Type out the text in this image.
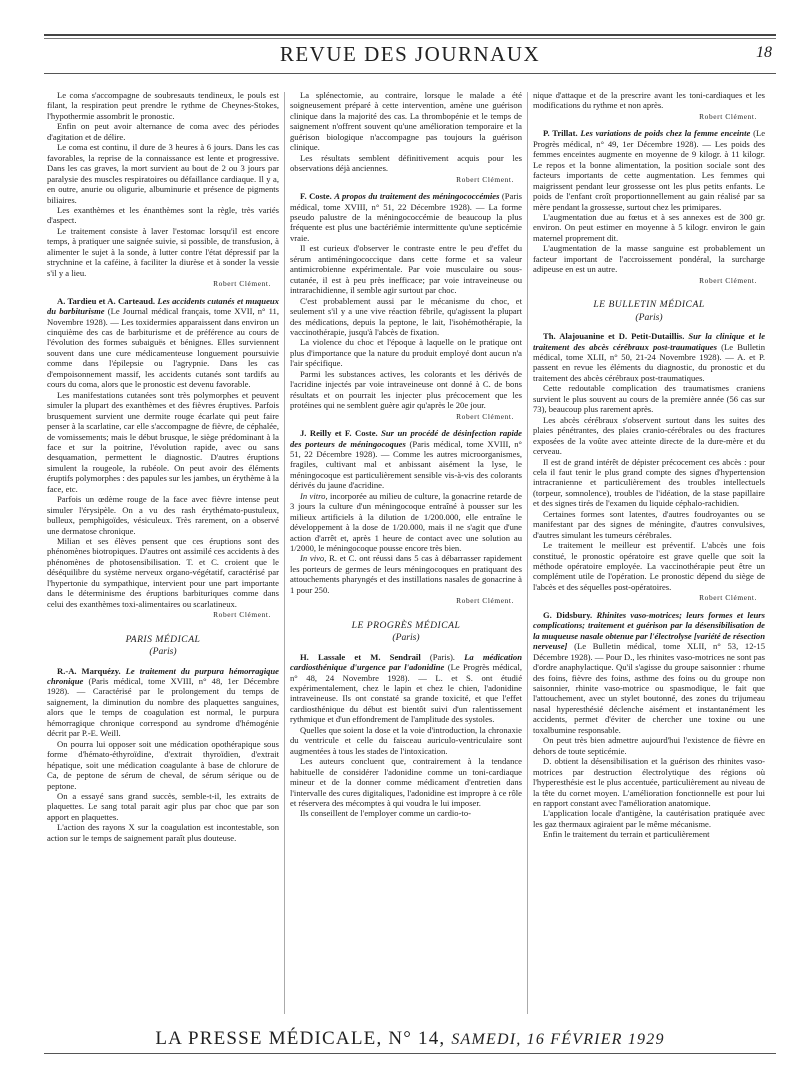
REVUE DES JOURNAUX	18

Le coma s'accompagne de soubresauts tendineux, le pouls est filant, la respiration peut prendre le rythme de Cheynes-Stokes, l'hypothermie assombrit le pronostic.

Enfin on peut avoir alternance de coma avec des périodes d'agitation et de délire.

Le coma est continu, il dure de 3 heures à 6 jours. Dans les cas favorables, la reprise de la connaissance est lente et progressive. Dans les cas graves, la mort survient au bout de 2 ou 3 jours par paralysie des muscles respiratoires ou défaillance cardiaque. Il y a, en outre, anurie ou oligurie, albuminurie et présence de pigments biliaires.

Les exanthèmes et les énanthèmes sont la règle, très variés d'aspect.

Le traitement consiste à laver l'estomac lorsqu'il est encore temps, à pratiquer une saignée suivie, si possible, de transfusion, à alimenter le sujet à la sonde, à lutter contre l'état dépressif par la strychnine et la caféine, à faciliter la diurèse et à sonder la vessie s'il y a lieu.

Robert Clément.

A. Tardieu et A. Carteaud. Les accidents cutanés et muqueux du barbiturisme (Le Journal médical français, tome XVII, n° 11, Novembre 1928). — Les toxidermies apparaissent dans environ un cinquième des cas de barbiturisme et de préférence au cours de l'évolution des formes subaiguës et bénignes. Elles surviennent souvent dans une cure médicamenteuse longuement poursuivie comme dans l'épilepsie ou l'agrypnie. Dans les cas d'empoisonnement massif, les accidents cutanés sont tardifs au cours du coma, alors que le pronostic est devenu favorable.

Les manifestations cutanées sont très polymorphes et peuvent simuler la plupart des exanthèmes et des fièvres éruptives. Parfois brusquement survient une dermite rouge écarlate qui peut faire penser à la scarlatine, car elle s'accompagne de fièvre, de céphalée, de vomissements; mais le début brusque, le siège prédominant à la face et sur la poitrine, l'évolution rapide, avec ou sans desquamation, permettent le diagnostic. D'autres éruptions simulent la rougeole, la rubéole. On peut avoir des éléments éruptifs polymorphes : des papules sur les jambes, un érythème à la face, etc.

Parfois un œdème rouge de la face avec fièvre intense peut simuler l'érysipèle. On a vu des rash érythémato-pustuleux, bulleux, pemphigoïdes, vésiculeux. Très rarement, on a observé une dermatose chronique.

Milian et ses élèves pensent que ces éruptions sont des phénomènes biotropiques. D'autres ont assimilé ces accidents à des phénomènes de photosensibilisation. T. et C. croient que le déséquilibre du système nerveux organo-végétatif, caractérisé par l'hypertonie du sympathique, intervient pour une part importante dans le déterminisme des éruptions barbituriques comme dans celui des exanthèmes toxi-alimentaires ou scarlatineux.

Robert Clément.
PARIS MÉDICAL
(Paris)

R.-A. Marquézy. Le traitement du purpura hémorragique chronique (Paris médical, tome XVIII, n° 48, 1er Décembre 1928). — Caractérisé par le prolongement du temps de saignement, la diminution du nombre des plaquettes sanguines, alors que le temps de coagulation est normal, le purpura hémorragique chronique correspond au syndrome d'hémogénie décrit par P.-E. Weill.

On pourra lui opposer soit une médication opothérapique sous forme d'hémato-éthyroïdine, d'extrait thyroïdien, d'extrait hépatique, soit une médication coagulante à base de chlorure de Ca, de peptone de sérum de cheval, de sérum sérique ou de peptone.

On a essayé sans grand succès, semble-t-il, les extraits de plaquettes. Le sang total parait agir plus par choc que par son apport en plaquettes.

L'action des rayons X sur la coagulation est incontestable, son action sur le temps de saignement paraît plus douteuse.

La splénectomie, au contraire, lorsque le malade a été soigneusement préparé à cette intervention, amène une guérison clinique dans la majorité des cas. La thrombopénie et le temps de saignement n'offrent souvent qu'une amélioration temporaire et la guérison biologique n'accompagne pas toujours la guérison clinique.

Les résultats semblent définitivement acquis pour les observations déjà anciennes.

Robert Clément.

F. Coste. A propos du traitement des méningococcémies (Paris médical, tome XVIII, n° 51, 22 Décembre 1928). — La forme pseudo palustre de la méningococcémie de beaucoup la plus fréquente est plus une bactériémie intermittente qu'une septicémie vraie.

Il est curieux d'observer le contraste entre le peu d'effet du sérum antiméningococcique dans cette forme et sa valeur antimicrobienne expérimentale. Par voie musculaire ou sous-cutanée, il est à peu près inefficace; par voie intraveineuse ou intrarachidienne, il semble agir surtout par choc.

C'est probablement aussi par le mécanisme du choc, et seulement s'il y a une vive réaction fébrile, qu'agissent la plupart des médications, depuis la peptone, le lait, l'isohémothérapie, la vaccinothérapie, jusqu'à l'abcès de fixation.

La violence du choc et l'époque à laquelle on le pratique ont plus d'importance que la nature du produit employé dont aucun n'a l'air spécifique.

Parmi les substances actives, les colorants et les dérivés de l'acridine injectés par voie intraveineuse ont donné à C. de bons résultats et on pourrait les injecter plus précocement que les protéines qui ne semblent guère agir qu'après le 20e jour.

Robert Clément.

J. Reilly et F. Coste. Sur un procédé de désinfection rapide des porteurs de méningocoques (Paris médical, tome XVIII, n° 51, 22 Décembre 1928). — Comme les autres microorganismes, fragiles, cultivant mal et anbissant aisément la lyse, le méningocoque est particulièrement sensible vis-à-vis des colorants dérivés du jaune d'acridine.

In vitro, incorporée au milieu de culture, la gonacrine retarde de 3 jours la culture d'un méningocoque entraîné à pousser sur les milieux artificiels à la dilution de 1/200.000, elle entraîne le développement à la dose de 1/20.000, mais il ne s'agit que d'une action d'arrêt et, après 1 heure de contact avec une solution au 1/2000, le méningocoque pousse encore très bien.

In vivo, R. et C. ont réussi dans 5 cas à débarrasser rapidement les porteurs de germes de leurs méningocoques en pratiquant des attouchements pharyngés et des instillations nasales de gonacrine à 1 pour 250.

Robert Clément.
LE PROGRÈS MÉDICAL
(Paris)

H. Lassale et M. Sendrail (Paris). La médication cardiosthénique d'urgence par l'adonidine (Le Progrès médical, n° 48, 24 Novembre 1928). — L. et S. ont étudié expérimentalement, chez le lapin et chez le chien, l'adonidine intraveineuse. Ils ont constaté sa grande toxicité, et que l'effet cardiosthénique du début est bientôt suivi d'un ralentissement rythmique et d'un effondrement de l'amplitude des systoles.

Quelles que soient la dose et la voie d'introduction, la chronaxie du ventricule et celle du faisceau auriculo-ventriculaire sont augmentées à tous les stades de l'intoxication.

Les auteurs concluent que, contrairement à la tendance habituelle de considérer l'adonidine comme un toni-cardiaque mineur et de la donner comme médicament d'entretien dans l'intervalle des cures digitaliques, l'adonidine est impropre à ce rôle et réservera des mécomptes à qui voudra le lui imposer.

Ils conseillent de l'employer comme un cardio-to-

nique d'attaque et de la prescrire avant les toni-cardiaques et les modifications du rythme et non après.

Robert Clément.

P. Trillat. Les variations de poids chez la femme enceinte (Le Progrès médical, n° 49, 1er Décembre 1928). — Les poids des femmes enceintes augmente en moyenne de 9 kilogr. à 11 kilogr. Le repos et la bonne alimentation, la position sociale sont des facteurs importants de cette augmentation. Les femmes qui maigrissent pendant leur grossesse ont les plus petits enfants. Le poids de l'enfant croît proportionnellement au gain réalisé par sa mère pendant la grossesse, surtout chez les primipares.

L'augmentation due au fœtus et à ses annexes est de 300 gr. environ. On peut estimer en moyenne à 5 kilogr. environ le gain maternel proprement dit.

L'augmentation de la masse sanguine est probablement un facteur important de l'accroissement pondéral, la surcharge adipeuse en est un autre.

Robert Clément.
LE BULLETIN MÉDICAL
(Paris)

Th. Alajouanine et D. Petit-Dutaillis. Sur la clinique et le traitement des abcès cérébraux post-traumatiques (Le Bulletin médical, tome XLII, n° 50, 21-24 Novembre 1928). — A. et P. passent en revue les éléments du diagnostic, du pronostic et du traitement des abcès cérébraux post-traumatiques.

Cette redoutable complication des traumatismes craniens survient le plus souvent au cours de la première année (56 cas sur 73), beaucoup plus rarement après.

Les abcès cérébraux s'observent surtout dans les suites des plaies pénétrantes, des plaies cranio-cérébrales ou des fractures exposées de la voûte avec atteinte directe de la dure-mère et du cerveau.

Il est de grand intérêt de dépister précocement ces abcès : pour cela il faut tenir le plus grand compte des signes d'hypertension intracranienne et particulièrement des troubles intellectuels (torpeur, somnolence), troubles de l'idéation, de la stase papillaire et des signes tirés de l'examen du liquide céphalo-rachidien.

Certaines formes sont latentes, d'autres foudroyantes ou se manifestant par des signes de méningite, d'autres convulsives, d'autres simulant les tumeurs cérébrales.

Le traitement le meilleur est préventif. L'abcès une fois constitué, le pronostic opératoire est grave quelle que soit la méthode opératoire employée. La vaccinothérapie peut être un complément utile de l'opération. Le pronostic dépend du siège de l'abcès et des séquelles post-opératoires.

Robert Clément.

G. Didsbury. Rhinites vaso-motrices; leurs formes et leurs complications; traitement et guérison par la désensibilisation de la muqueuse nasale obtenue par l'électrolyse [variété de résection nerveuse] (Le Bulletin médical, tome XLII, n° 53, 12-15 Décembre 1928). — Pour D., les rhinites vaso-motrices ne sont pas d'ordre anaphylactique. Qu'il s'agisse du groupe saisonnier : rhume des foins, fièvre des foins, asthme des foins ou du groupe non saisonnier, rhinite vaso-motrice ou spasmodique, le fait que l'attouchement, avec un stylet boutonné, des zones du trijumeau nasal hyperesthésié déclenche aisément et instantanément les accidents, permet d'éviter de chercher une toxine ou une toxalbumine responsable.

On peut très bien admettre aujourd'hui l'existence de fièvre en dehors de toute septicémie.

D. obtient la désensibilisation et la guérison des rhinites vaso-motrices par destruction électrolytique des régions où l'hyperesthésie est le plus accentuée, particulièrement au niveau de la tête du cornet moyen. L'amélioration fonctionnelle est pour lui en rapport constant avec l'amélioration anatomique.

L'application locale d'antigène, la cautérisation pratiquée avec les gaz thermaux agiraient par le même mécanisme.

Enfin le traitement du terrain et particulièrement

LA PRESSE MÉDICALE, N° 14, SAMEDI, 16 FÉVRIER 1929
